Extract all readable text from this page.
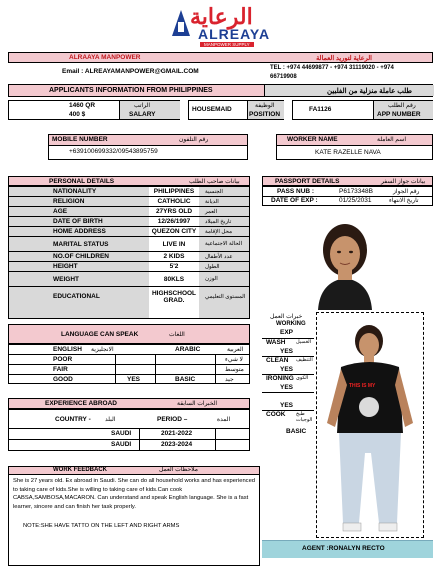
الرعاية
ALREAYA
MANPOWER SUPPLY
ALRAAYA MANPOWER	الرعاية لتوريد العمالة
Email : ALREAYAMANPOWER@GMAIL.COM	TEL : +974 44699877 - +974 31119020 - +974 66719908
APPLICANTS INFORMATION FROM PHILIPPINES	طلب عاملة منزلية من الفلبين
1460 QR
400 $
الراتب
SALARY
HOUSEMAID	الوظيفة
POSITION
FA1126	رقم الطلب
APP NUMBER
MOBILE NUMBER	رقم التلفون
+639100699332/09543895759
WORKER NAME	اسم العاملة
KATE RAZELLE NAVA
PERSONAL DETAILS	بيانات صاحب الطلب
NATIONALITY	PHILIPPINES	الجنسية
RELIGION	CATHOLIC	الديانة
AGE	27YRS OLD	العمر
DATE OF BIRTH	12/26/1997	تاريخ الميلاد
HOME ADDRESS	QUEZON CITY	محل الإقامة
MARITAL STATUS	LIVE IN	الحالة الاجتماعية
NO.OF CHILDREN	2 KIDS	عدد الأطفال
HEIGHT	5'2	الطول
WEIGHT	80KLS	الوزن
EDUCATIONAL	HIGHSCHOOL GRAD.	المستوى التعليمي
PASSPORT DETAILS	بيانات جواز السفر
PASS NUB :	P6173348B	رقم الجواز
DATE OF EXP :	01/25/2031	تاريخ الانتهاء
LANGUAGE CAN SPEAK	اللغات
ENGLISH الانجليزية	ARABIC	العربية
POOR	لا شيء
FAIR	متوسط
GOOD	YES	BASIC	جيد
EXPERIENCE ABROAD	الخبرات السابقة
COUNTRY - البلد	PERIOD –	المدة
SAUDI	2021-2022
SAUDI	2023-2024
خبرات العمل
WORKING
EXP
WASH الغسيل
YES
CLEAN التنظيف
YES
IRONING الكوي
YES
YES
COOK طبخ الوجبات
BASIC
THIS IS MY
WORK FEEDBACK	ملاحظات العمل
She is 27 years old. Ex abroad in Saudi. She can do all household works and has experienced to taking care of kids.She is willing to taking care of kids.Can cook CABSA,SAMBOSA,MACARON. Can understand and speak English language. She is a fast learner, sincere and can finish her task properly.
NOTE:SHE HAVE TATTO ON THE LEFT AND RIGHT ARMS
AGENT :RONALYN RECTO
